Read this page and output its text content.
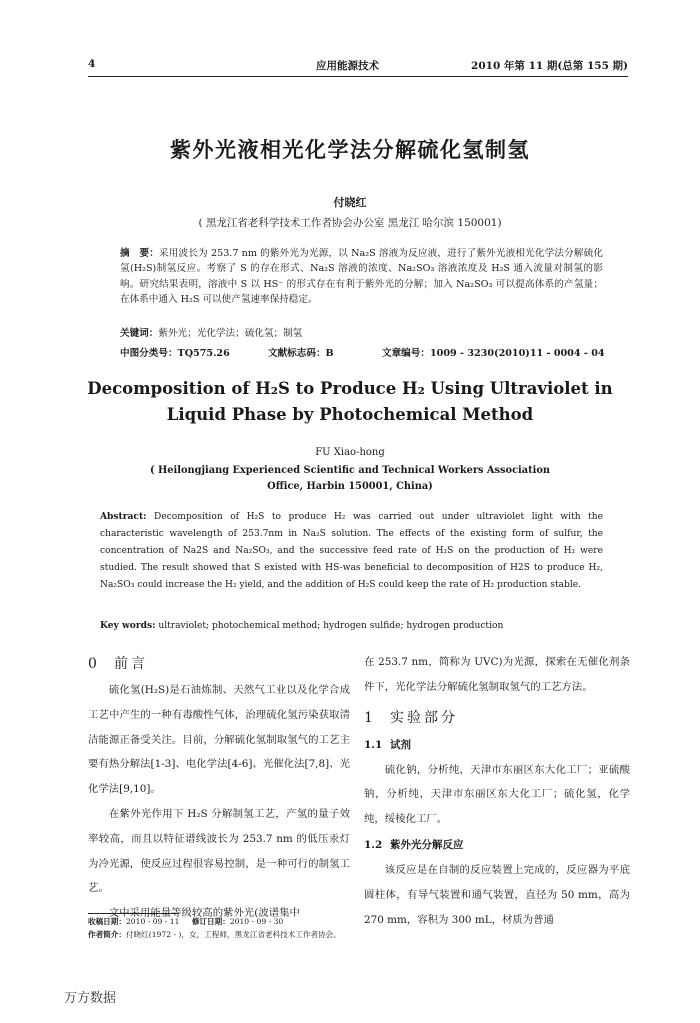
4	应用能源技术	2010 年第 11 期(总第 155 期)
紫外光液相光化学法分解硫化氢制氢
付晓红
( 黑龙江省老科学技术工作者协会办公室 黑龙江 哈尔滨 150001)
摘　要：采用波长为 253.7 nm 的紫外光为光源，以 Na₂S 溶液为反应液，进行了紫外光液相光化学法分解硫化氢(H₂S)制氢反应。考察了 S 的存在形式、Na₂S 溶液的浓度、Na₂SO₃ 溶液浓度及 H₂S 通入流量对制氢的影响。研究结果表明，溶液中 S 以 HS⁻ 的形式存在有利于紫外光的分解；加入 Na₂SO₃ 可以提高体系的产氢量；在体系中通入 H₂S 可以使产氢速率保持稳定。
关键词：紫外光；光化学法；硫化氢；制氢
中图分类号：TQ575.26	文献标志码：B	文章编号：1009 - 3230(2010)11 - 0004 - 04
Decomposition of H₂S to Produce H₂ Using Ultraviolet in
Liquid Phase by Photochemical Method
FU Xiao-hong
( Heilongjiang Experienced Scientific and Technical Workers Association
Office, Harbin 150001, China)
Abstract: Decomposition of H₂S to produce H₂ was carried out under ultraviolet light with the characteristic wavelength of 253.7nm in Na₂S solution. The effects of the existing form of sulfur, the concentration of Na2S and Na₂SO₃, and the successive feed rate of H₂S on the production of H₂ were studied. The result showed that S existed with HS-was beneficial to decomposition of H2S to produce H₂, Na₂SO₃ could increase the H₂ yield, and the addition of H₂S could keep the rate of H₂ production stable.
Key words: ultraviolet; photochemical method; hydrogen sulfide; hydrogen production
0 前言

硫化氢(H₂S)是石油炼制、天然气工业以及化学合成工艺中产生的一种有毒酸性气体，治理硫化氢污染获取清洁能源正备受关注。目前，分解硫化氢制取氢气的工艺主要有热分解法[1-3]、电化学法[4-6]、光催化法[7,8]、光化学法[9,10]。

在紫外光作用下 H₂S 分解制氢工艺，产氢的量子效率较高，而且以特征谱线波长为 253.7 nm 的低压汞灯为冷光源，使反应过程很容易控制，是一种可行的制氢工艺。

文中采用能量等级较高的紫外光(波谱集中

在 253.7 nm，简称为 UVC)为光源，探索在无催化剂条件下，光化学法分解硫化氢制取氢气的工艺方法。

1 实验部分
1.1 试剂

硫化钠，分析纯，天津市东丽区东大化工厂；亚硫酸钠，分析纯，天津市东丽区东大化工厂；硫化氢，化学纯，绥棱化工厂。

1.2 紫外光分解反应

该反应是在自制的反应装置上完成的，反应器为平底圆柱体，有导气装置和通气装置，直径为 50 mm，高为 270 mm，容积为 300 mL，材质为普通

收稿日期：2010 - 09 - 11 修订日期：2010 - 09 - 30
作者简介：付晓红(1972 - )，女，工程师，黑龙江省老科技术工作者协会。
万方数据
